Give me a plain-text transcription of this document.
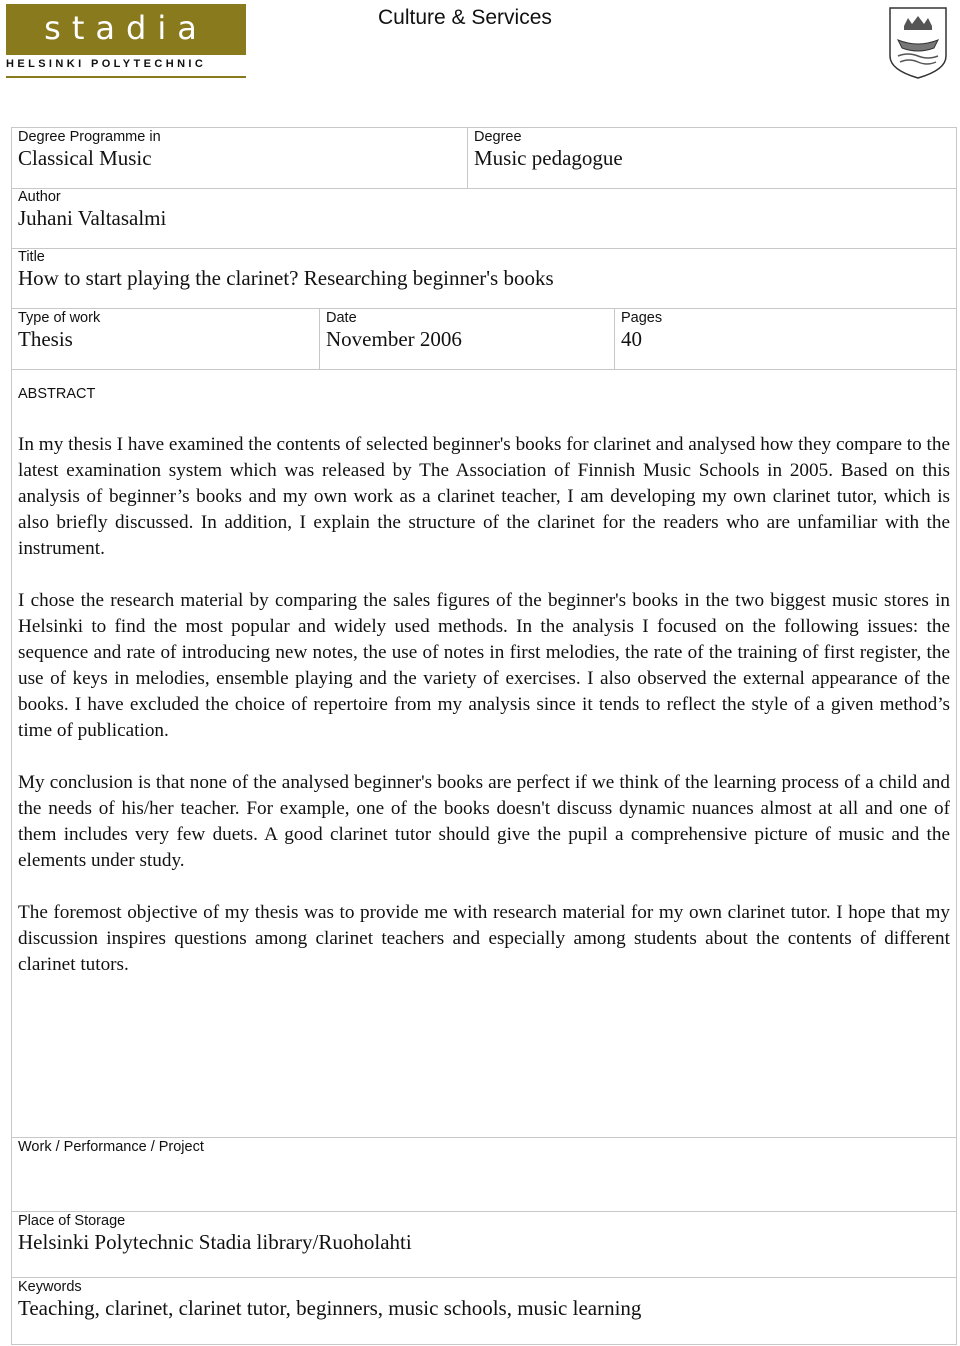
stadia
HELSINKI POLYTECHNIC
Culture & Services
Degree Programme in
Classical Music
Degree
Music pedagogue
Author
Juhani Valtasalmi
Title
How to start playing the clarinet? Researching beginner's books
Type of work
Thesis
Date
November 2006
Pages
40
ABSTRACT

In my thesis I have examined the contents of selected beginner's books for clarinet and analysed how they compare to the latest examination system which was released by The Association of Finnish Music Schools in 2005. Based on this analysis of beginner’s books and my own work as a clarinet teacher, I am developing my own clarinet tutor, which is also briefly discussed. In addition, I explain the structure of the clarinet for the readers who are unfamiliar with the instrument.

I chose the research material by comparing the sales figures of the beginner's books in the two biggest music stores in Helsinki to find the most popular and widely used methods. In the analysis I focused on the following issues: the sequence and rate of introducing new notes, the use of notes in first melodies, the rate of the training of first register, the use of keys in melodies, ensemble playing and the variety of exercises. I also observed the external appearance of the books. I have excluded the choice of repertoire from my analysis since it tends to reflect the style of a given method’s time of publication.

My conclusion is that none of the analysed beginner's books are perfect if we think of the learning process of a child and the needs of his/her teacher. For example, one of the books doesn't discuss dynamic nuances almost at all and one of them includes very few duets. A good clarinet tutor should give the pupil a comprehensive picture of music and the elements under study.

The foremost objective of my thesis was to provide me with research material for my own clarinet tutor. I hope that my discussion inspires questions among clarinet teachers and especially among students about the contents of different clarinet tutors.

Work / Performance / Project
Place of Storage
Helsinki Polytechnic Stadia library/Ruoholahti
Keywords
Teaching, clarinet, clarinet tutor, beginners, music schools, music learning
